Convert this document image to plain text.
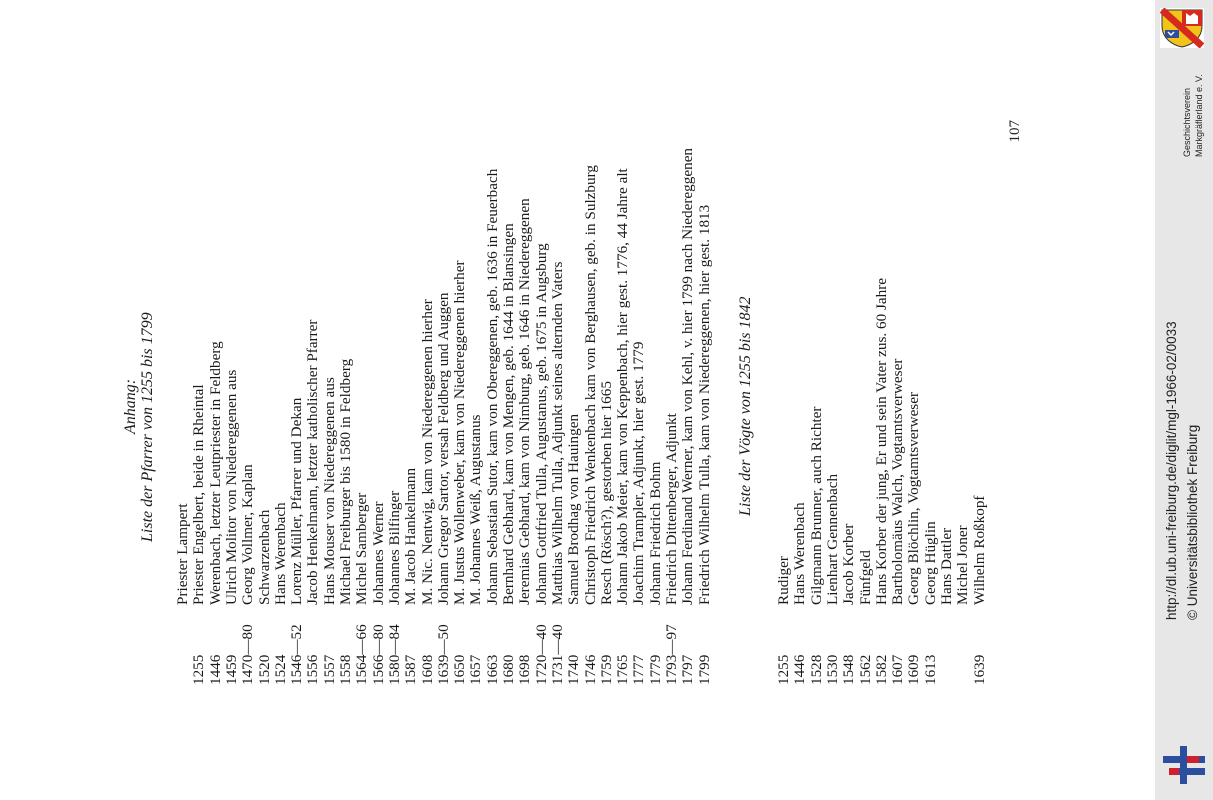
Anhang: Liste der Pfarrer von 1255 bis 1799
Priester Lampert
1255Priester Engelbert, beide in Rheintal
1446Werenbach, letzter Leutpriester in Feldberg
1459Ulrich Molitor von Niedereggenen aus
1470—80Georg Vollmer, Kaplan
1520Schwarzenbach
1524Hans Werenbach
1546—52Lorenz Müller, Pfarrer und Dekan
1556Jacob Henkelmann, letzter katholischer Pfarrer
1557Hans Mouser von Niedereggenen aus
1558Michael Freiburger bis 1580 in Feldberg
1564—66Michel Samberger
1566—80Johannes Werner
1580—84Johannes Bilfinger
1587M. Jacob Hankelmann
1608M. Nic. Nentwig, kam von Niedereggenen hierher
1639—50Johann Gregor Sartor, versah Feldberg und Auggen
1650M. Justus Wollenweber, kam von Niedereggenen hierher
1657M. Johannes Weiß, Augustanus
1663Johann Sebastian Sutor, kam von Obereggenen, geb. 1636 in Feuerbach
1680Bernhard Gebhard, kam von Mengen, geb. 1644 in Blansingen
1698Jeremias Gebhard, kam von Nimburg, geb. 1646 in Niedereggenen
1720—40Johann Gottfried Tulla, Augustanus, geb. 1675 in Augsburg
1731—40Matthias Wilhelm Tulla, Adjunkt seines alternden Vaters
1740Samuel Brodhag von Hauingen
1746Christoph Friedrich Wenkenbach kam von Berghausen, geb. in Sulzburg
1759Resch (Rösch?), gestorben hier 1665
1765Johann Jakob Meier, kam von Keppenbach, hier gest. 1776, 44 Jahre alt
1777Joachim Trampler, Adjunkt, hier gest. 1779
1779Johann Friedrich Bohm
1793—97Friedrich Dittenberger, Adjunkt
1797Johann Ferdinand Werner, kam von Kehl, v. hier 1799 nach Niedereggenen
1799Friedrich Wilhelm Tulla, kam von Niedereggenen, hier gest. 1813 Liste der Vögte von 1255 bis 1842
1255Rudiger
1446Hans Werenbach
1528Gilgmann Brunner, auch Richter
1530Lienhart Gennenbach
1548Jacob Korber
1562Fünfgeld
1582Hans Korber der jung, Er und sein Vater zus. 60 Jahre
1607Bartholomäus Walch, Vogtamtsverweser
1609Georg Blöchlin, Vogtamtsverweser
1613Georg Hüglin Hans Dattler Michel Joner
1639Wilhelm Roßkopf
107	Geschichtsverein Markgräflerland e. V.
http://dl.ub.uni-freiburg.de/diglit/mgl-1966-02/0033 © Universitätsbibliothek Freiburg
